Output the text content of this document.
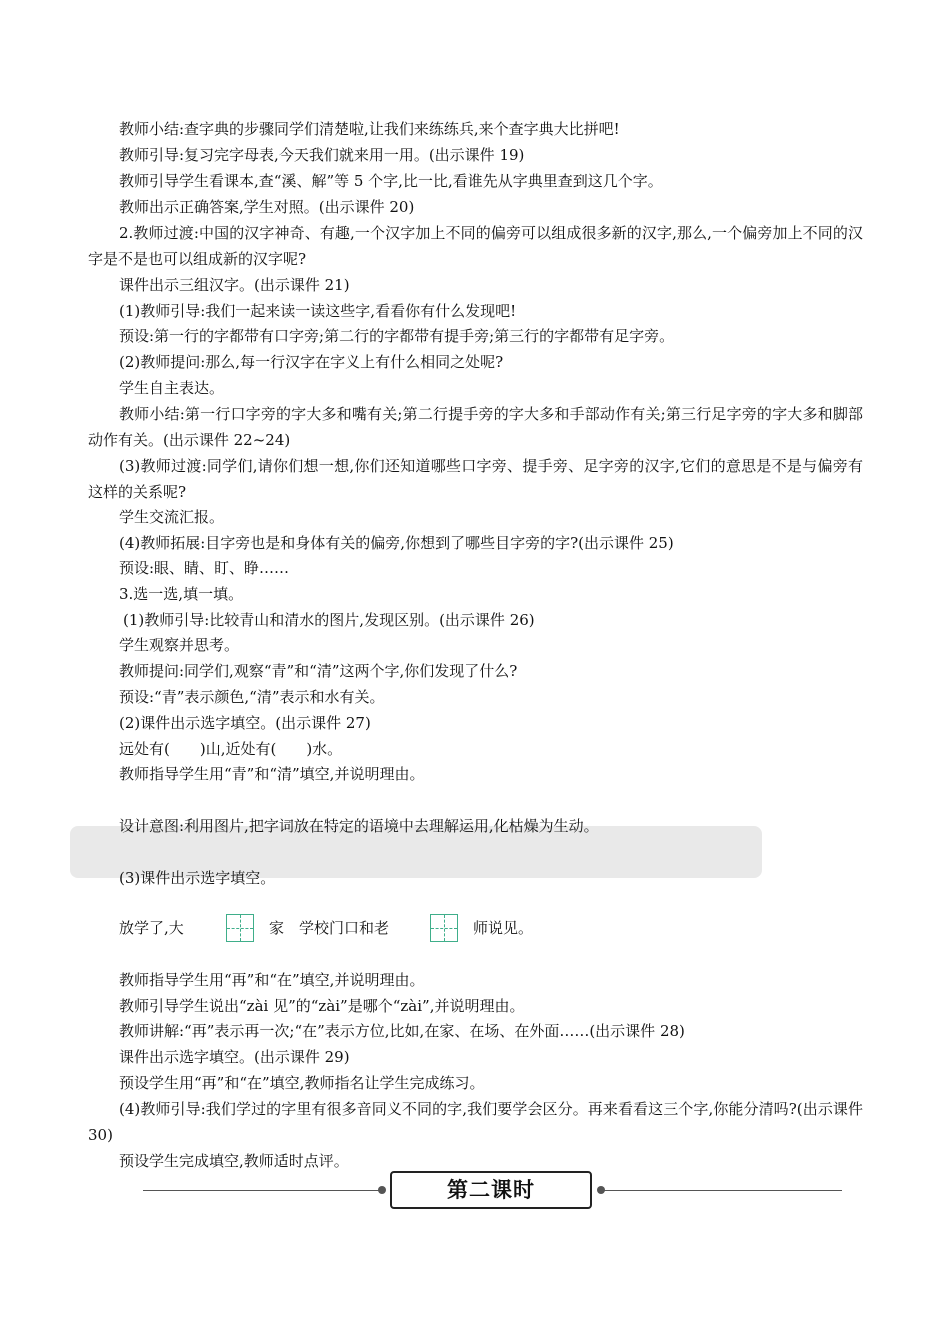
教师小结:查字典的步骤同学们清楚啦,让我们来练练兵,来个查字典大比拼吧!
教师引导:复习完字母表,今天我们就来用一用。(出示课件 19)
教师引导学生看课本,查“溪、解”等 5 个字,比一比,看谁先从字典里查到这几个字。
教师出示正确答案,学生对照。(出示课件 20)
2.教师过渡:中国的汉字神奇、有趣,一个汉字加上不同的偏旁可以组成很多新的汉字,那么,一个偏旁加上不同的汉字是不是也可以组成新的汉字呢?
课件出示三组汉字。(出示课件 21)
(1)教师引导:我们一起来读一读这些字,看看你有什么发现吧!
预设:第一行的字都带有口字旁;第二行的字都带有提手旁;第三行的字都带有足字旁。
(2)教师提问:那么,每一行汉字在字义上有什么相同之处呢?
学生自主表达。
教师小结:第一行口字旁的字大多和嘴有关;第二行提手旁的字大多和手部动作有关;第三行足字旁的字大多和脚部动作有关。(出示课件 22~24)
(3)教师过渡:同学们,请你们想一想,你们还知道哪些口字旁、提手旁、足字旁的汉字,它们的意思是不是与偏旁有这样的关系呢?
学生交流汇报。
(4)教师拓展:目字旁也是和身体有关的偏旁,你想到了哪些目字旁的字?(出示课件 25)
预设:眼、睛、盯、睁……
3.选一选,填一填。
(1)教师引导:比较青山和清水的图片,发现区别。(出示课件 26)
学生观察并思考。
教师提问:同学们,观察“青”和“清”这两个字,你们发现了什么?
预设:“青”表示颜色,“清”表示和水有关。
(2)课件出示选字填空。(出示课件 27)
远处有(　　)山,近处有(　　)水。
教师指导学生用“青”和“清”填空,并说明理由。
设计意图:利用图片,把字词放在特定的语境中去理解运用,化枯燥为生动。
(3)课件出示选字填空。
放学了,大	家　学校门口和老	师说见。
教师指导学生用“再”和“在”填空,并说明理由。
教师引导学生说出“zài 见”的“zài”是哪个“zài”,并说明理由。
教师讲解:“再”表示再一次;“在”表示方位,比如,在家、在场、在外面……(出示课件 28)
课件出示选字填空。(出示课件 29)
预设学生用“再”和“在”填空,教师指名让学生完成练习。
(4)教师引导:我们学过的字里有很多音同义不同的字,我们要学会区分。再来看看这三个字,你能分清吗?(出示课件 30)
预设学生完成填空,教师适时点评。
第二课时
